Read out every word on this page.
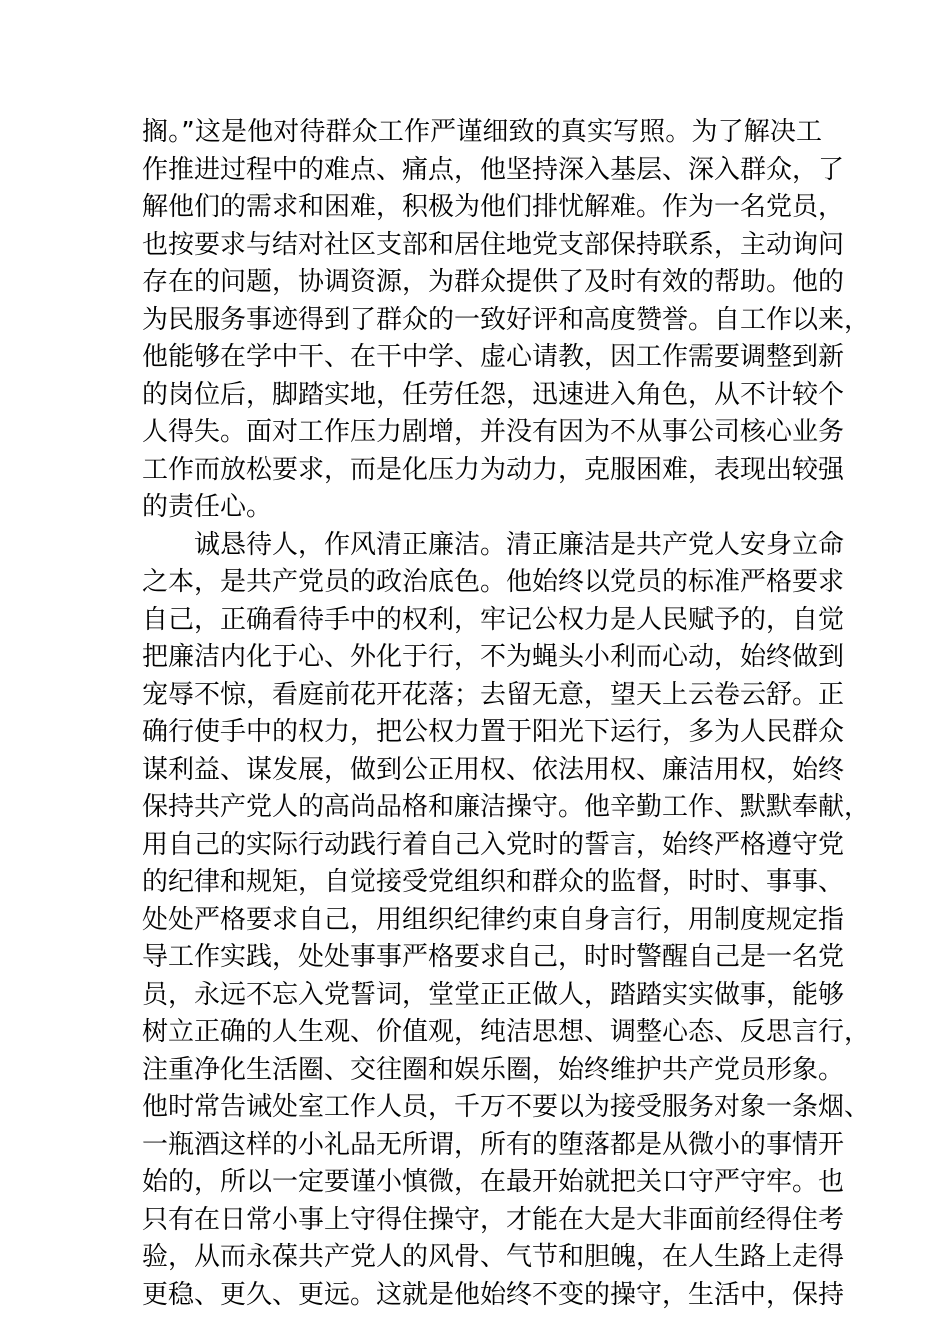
搁。”这是他对待群众工作严谨细致的真实写照。为了解决工
作推进过程中的难点、痛点，他坚持深入基层、深入群众，了
解他们的需求和困难，积极为他们排忧解难。作为一名党员，
也按要求与结对社区支部和居住地党支部保持联系，主动询问
存在的问题，协调资源，为群众提供了及时有效的帮助。他的
为民服务事迹得到了群众的一致好评和高度赞誉。自工作以来，
他能够在学中干、在干中学、虚心请教，因工作需要调整到新
的岗位后，脚踏实地，任劳任怨，迅速进入角色，从不计较个
人得失。面对工作压力剧增，并没有因为不从事公司核心业务
工作而放松要求，而是化压力为动力，克服困难，表现出较强
的责任心。
诚恳待人，作风清正廉洁。清正廉洁是共产党人安身立命
之本，是共产党员的政治底色。他始终以党员的标准严格要求
自己，正确看待手中的权利，牢记公权力是人民赋予的，自觉
把廉洁内化于心、外化于行，不为蝇头小利而心动，始终做到
宠辱不惊，看庭前花开花落；去留无意，望天上云卷云舒。正
确行使手中的权力，把公权力置于阳光下运行，多为人民群众
谋利益、谋发展，做到公正用权、依法用权、廉洁用权，始终
保持共产党人的高尚品格和廉洁操守。他辛勤工作、默默奉献，
用自己的实际行动践行着自己入党时的誓言，始终严格遵守党
的纪律和规矩，自觉接受党组织和群众的监督，时时、事事、
处处严格要求自己，用组织纪律约束自身言行，用制度规定指
导工作实践，处处事事严格要求自己，时时警醒自己是一名党
员，永远不忘入党誓词，堂堂正正做人，踏踏实实做事，能够
树立正确的人生观、价值观，纯洁思想、调整心态、反思言行，
注重净化生活圈、交往圈和娱乐圈，始终维护共产党员形象。
他时常告诫处室工作人员，千万不要以为接受服务对象一条烟、
一瓶酒这样的小礼品无所谓，所有的堕落都是从微小的事情开
始的，所以一定要谨小慎微，在最开始就把关口守严守牢。也
只有在日常小事上守得住操守，才能在大是大非面前经得住考
验，从而永葆共产党人的风骨、气节和胆魄，在人生路上走得
更稳、更久、更远。这就是他始终不变的操守，生活中，保持
